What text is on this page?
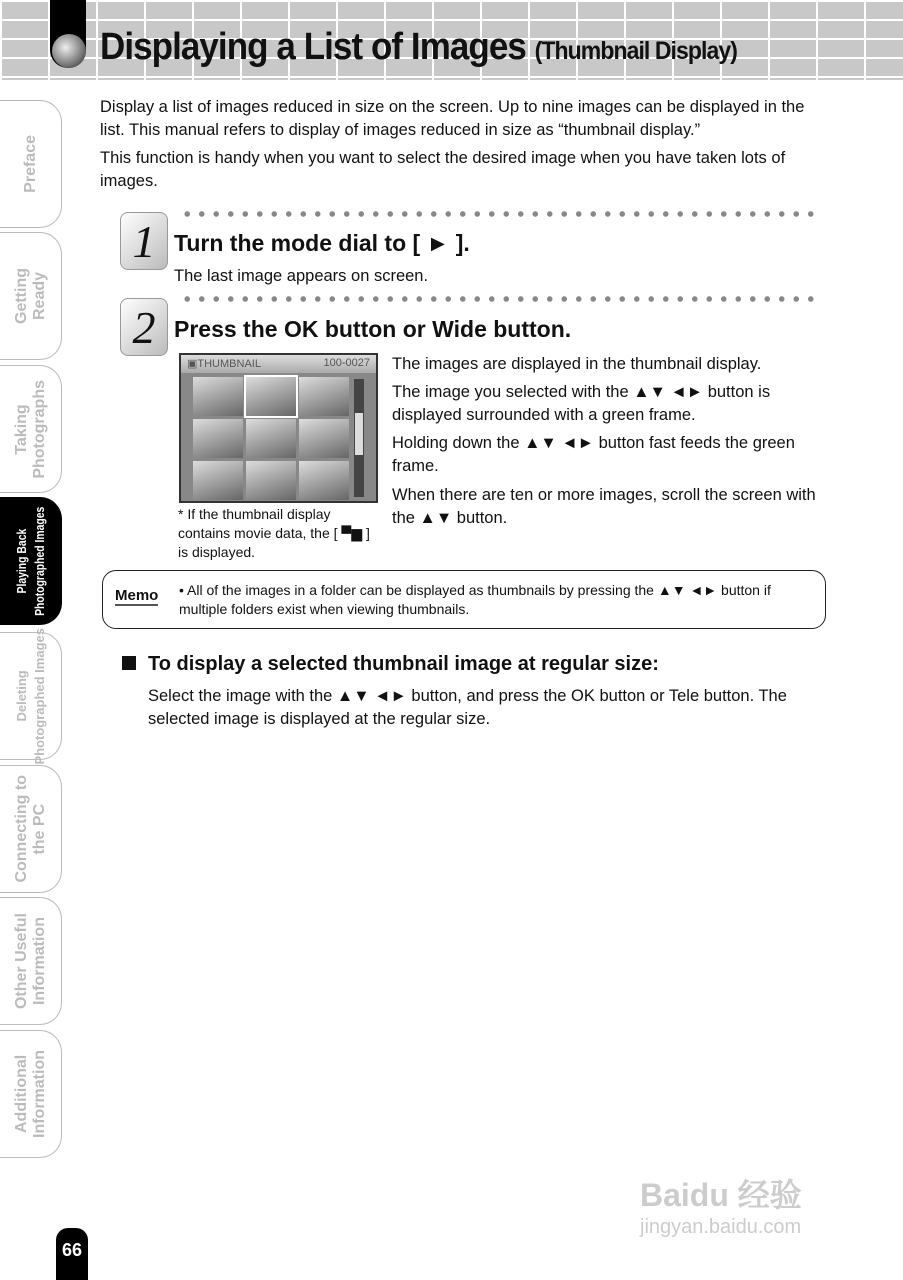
Displaying a List of Images (Thumbnail Display)
Display a list of images reduced in size on the screen. Up to nine images can be displayed in the list. This manual refers to display of images reduced in size as “thumbnail display.”
This function is handy when you want to select the desired image when you have taken lots of images.
1 Turn the mode dial to [ ► ].
The last image appears on screen.
2 Press the OK button or Wide button.
▣THUMBNAIL	100-0027
* If the thumbnail display contains movie data, the [ ▀▆ ] is displayed.
The images are displayed in the thumbnail display.
The image you selected with the ▲▼ ◄► button is displayed surrounded with a green frame.
Holding down the ▲▼ ◄► button fast feeds the green frame.
When there are ten or more images, scroll the screen with the ▲▼ button.
Memo • All of the images in a folder can be displayed as thumbnails by pressing the ▲▼ ◄► button if multiple folders exist when viewing thumbnails.
To display a selected thumbnail image at regular size:
Select the image with the ▲▼ ◄► button, and press the OK button or Tele button. The selected image is displayed at the regular size.
Preface
Getting
Ready
Taking
Photographs
Playing Back
Photographed Images
Deleting
Photographed Images
Connecting to
the PC
Other Useful
Information
Additional
Information
66
Baidu 经验
jingyan.baidu.com
